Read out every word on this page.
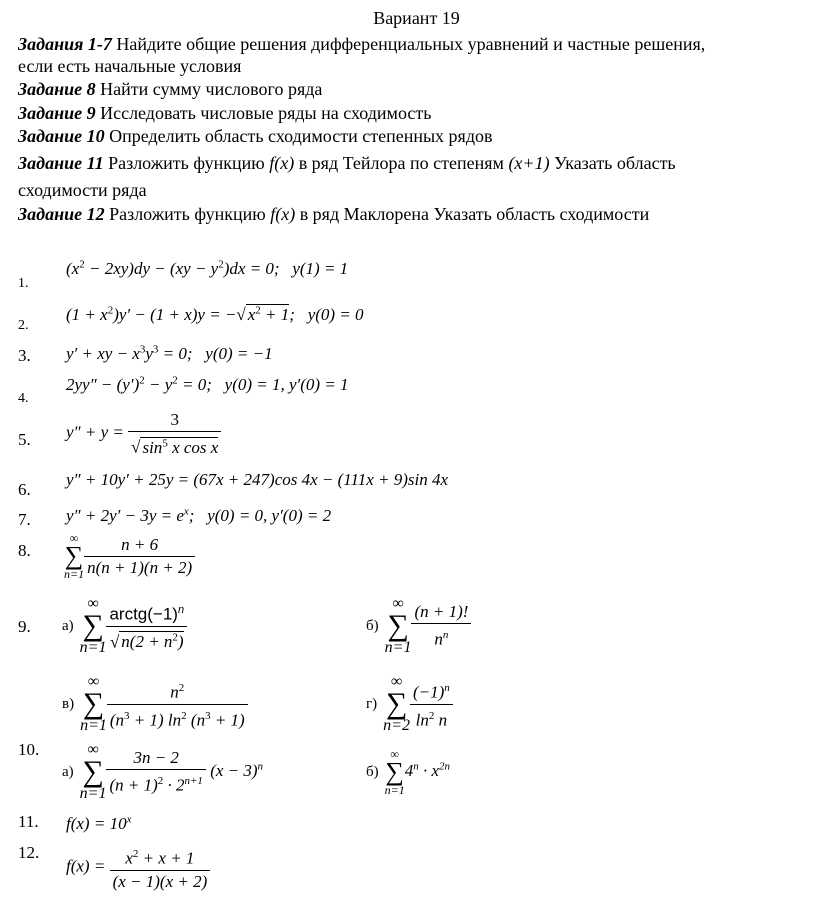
Вариант 19
Задания 1-7 Найдите общие решения дифференциальных уравнений и частные решения,
если есть начальные условия
Задание 8 Найти сумму числового ряда
Задание 9 Исследовать числовые ряды на сходимость
Задание 10 Определить область сходимости степенных рядов
Задание 11 Разложить функцию f(x) в ряд Тейлора по степеням (x+1) Указать область
сходимости ряда
Задание 12 Разложить функцию f(x) в ряд Маклорена Указать область сходимости
1.
$(x^2 - 2xy)dy - (xy - y^2)dx = 0$;   y(1) = 1
2.
$(1 + x^2)y' - (1 + x)y$ = −√ $x^2 + 1$;   y(0) = 0
3. y′ + xy − $x^3y^3 = 0$;   y(0) = −1
4.
$2yy'' - (y')^2 - y^2 = 0$;   y(0) = 1, y′(0) = 1
5. $y'' + y = \frac{3}{√ \sin^5 x \cos x}$
6.
y″ + 10y′ + 25y = (67x + 247)cos 4x − (111x + 9)sin 4x
7. $y'' + 2y' - 3y = e^x$;   y(0) = 0, y′(0) = 2
8.
∞
∑
$n=1 \frac{n + 6}{n(n + 1)(n + 2)}$
9. а)
∞
∑
$n=1 \frac{arctg(-1)^n}{√ n(2 + n^2)}$	б)
∞
∑
$n=1 \frac{(n + 1)!}{n^n}$
в)
∞
∑
$n=1 \frac{n^2}{(n^3 + 1) \ln^2 (n^3 + 1)}$	г)
∞
∑
$n=2 \frac{(-1)^n}{\ln^2 n}$
10.
а)
∞
∑
$n=1 \frac{3n - 2}{(n + 1)^2 \cdot 2^{n+1}} (x - 3)^n$	б)
∞
∑
n=1
$4^n \cdot x^{2n}$
11. $f(x) = 10^x$
12.
$f(x) = \frac{x^2 + x + 1}{(x - 1)(x + 2)}$
